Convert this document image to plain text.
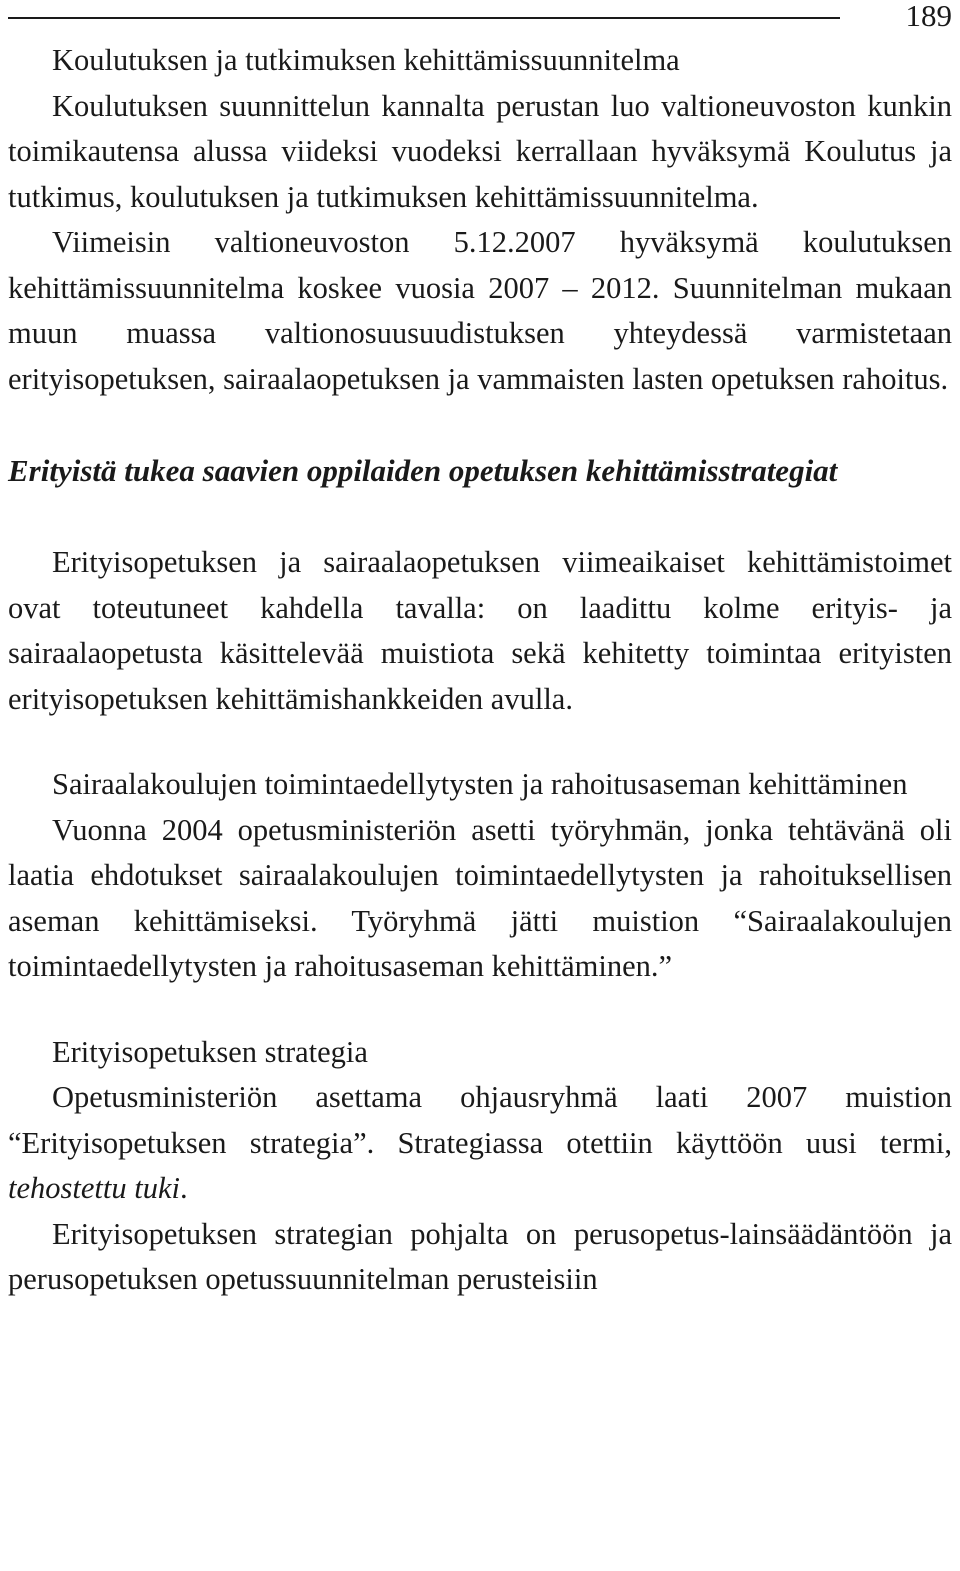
189

Koulutuksen ja tutkimuksen kehittämissuunnitelma

Koulutuksen suunnittelun kannalta perustan luo valtioneuvoston kunkin toimikautensa alussa viideksi vuodeksi kerrallaan hyväksymä Koulutus ja tutkimus, koulutuksen ja tutkimuksen kehittämissuunnitelma.

Viimeisin valtioneuvoston 5.12.2007 hyväksymä koulutuksen kehittämissuunnitelma koskee vuosia 2007 – 2012. Suunnitelman mukaan muun muassa valtionosuusuudistuksen yhteydessä varmistetaan erityisopetuksen, sairaalaopetuksen ja vammaisten lasten opetuksen rahoitus.

Erityistä tukea saavien oppilaiden opetuksen kehittämisstrategiat

Erityisopetuksen ja sairaalaopetuksen viimeaikaiset kehittämistoimet ovat toteutuneet kahdella tavalla: on laadittu kolme erityis- ja sairaalaopetusta käsittelevää muistiota sekä kehitetty toimintaa erityisten erityisopetuksen kehittämishankkeiden avulla.

Sairaalakoulujen toimintaedellytysten ja rahoitusaseman kehittäminen

Vuonna 2004 opetusministeriön asetti työryhmän, jonka tehtävänä oli laatia ehdotukset sairaalakoulujen toimintaedellytysten ja rahoituksellisen aseman kehittämiseksi. Työryhmä jätti muistion “Sairaalakoulujen toimintaedellytysten ja rahoitusaseman kehittäminen.”

Erityisopetuksen strategia

Opetusministeriön asettama ohjausryhmä laati 2007 muistion “Erityisopetuksen strategia”. Strategiassa otettiin käyttöön uusi termi, tehostettu tuki.

Erityisopetuksen strategian pohjalta on perusopetus-lainsäädäntöön ja perusopetuksen opetussuunnitelman perusteisiin
